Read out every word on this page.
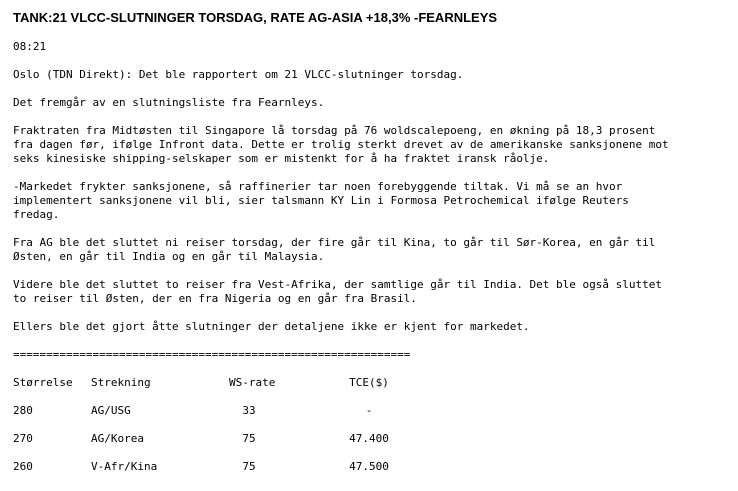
TANK:21 VLCC-SLUTNINGER TORSDAG, RATE AG-ASIA +18,3% -FEARNLEYS
08:21
Oslo (TDN Direkt): Det ble rapportert om 21 VLCC-slutninger torsdag.
Det fremgår av en slutningsliste fra Fearnleys.
Fraktraten fra Midtøsten til Singapore lå torsdag på 76 woldscalepoeng, en økning på 18,3 prosent
fra dagen før, ifølge Infront data. Dette er trolig sterkt drevet av de amerikanske sanksjonene mot
seks kinesiske shipping-selskaper som er mistenkt for å ha fraktet iransk råolje.
-Markedet frykter sanksjonene, så raffinerier tar noen forebyggende tiltak. Vi må se an hvor
implementert sanksjonene vil bli, sier talsmann KY Lin i Formosa Petrochemical ifølge Reuters
fredag.
Fra AG ble det sluttet ni reiser torsdag, der fire går til Kina, to går til Sør-Korea, en går til
Østen, en går til India og en går til Malaysia.
Videre ble det sluttet to reiser fra Vest-Afrika, der samtlige går til India. Det ble også sluttet
to reiser til Østen, der en fra Nigeria og en går fra Brasil.
Ellers ble det gjort åtte slutninger der detaljene ikke er kjent for markedet.
============================================================
Størrelse Strekning	WS-rate	TCE($)
280	AG/USG	33	-
270	AG/Korea	75	47.400
260	V-Afr/Kina	75	47.500
